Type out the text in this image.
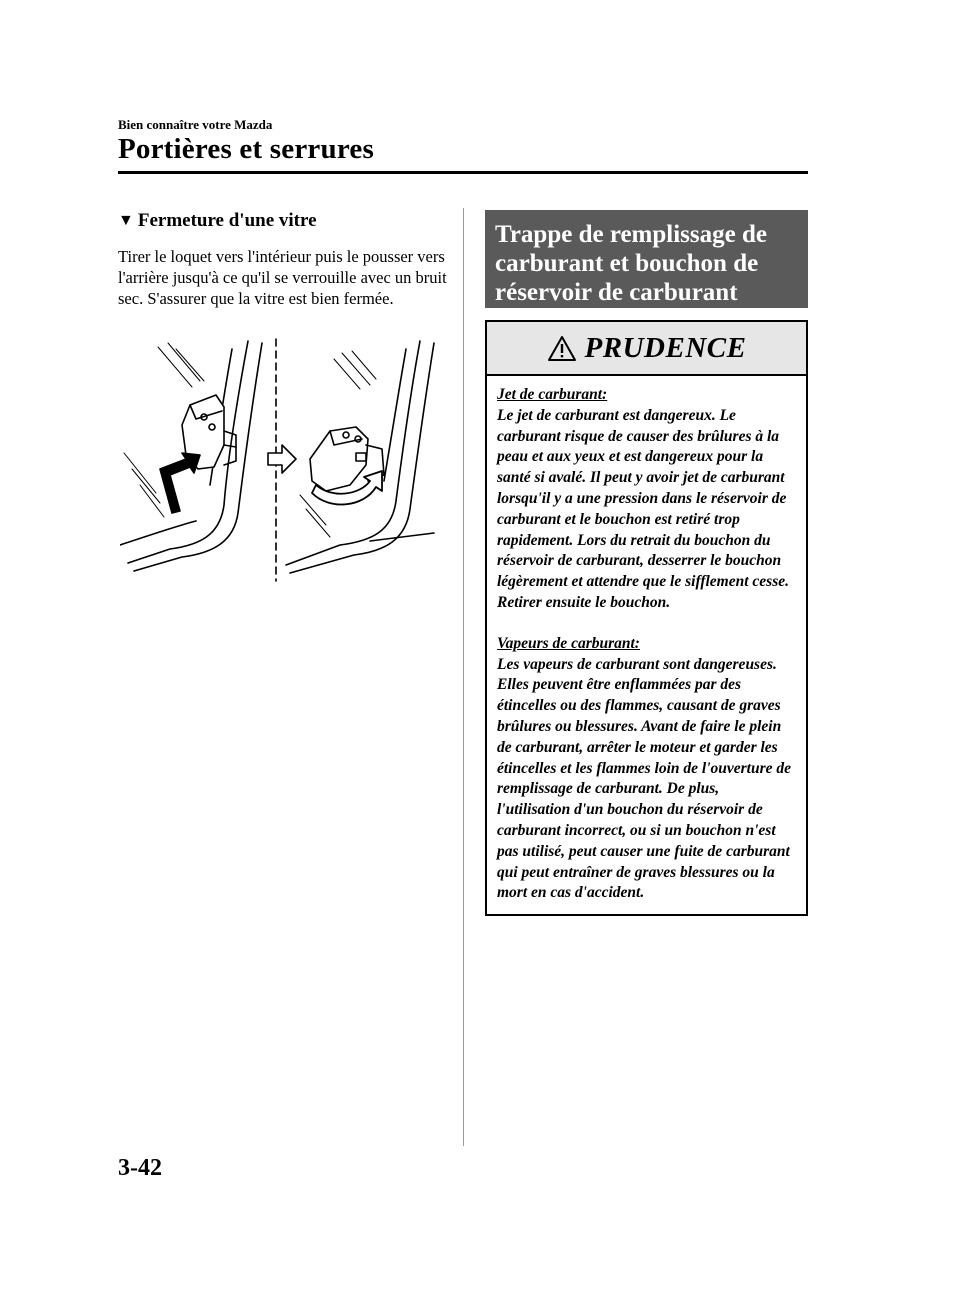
Bien connaître votre Mazda
Portières et serrures
▼ Fermeture d'une vitre
Tirer le loquet vers l'intérieur puis le pousser vers l'arrière jusqu'à ce qu'il se verrouille avec un bruit sec. S'assurer que la vitre est bien fermée.
Trappe de remplissage de carburant et bouchon de réservoir de carburant
PRUDENCE
Jet de carburant:
Le jet de carburant est dangereux. Le carburant risque de causer des brûlures à la peau et aux yeux et est dangereux pour la santé si avalé. Il peut y avoir jet de carburant lorsqu'il y a une pression dans le réservoir de carburant et le bouchon est retiré trop rapidement. Lors du retrait du bouchon du réservoir de carburant, desserrer le bouchon légèrement et attendre que le sifflement cesse. Retirer ensuite le bouchon.
Vapeurs de carburant:
Les vapeurs de carburant sont dangereuses. Elles peuvent être enflammées par des étincelles ou des flammes, causant de graves brûlures ou blessures. Avant de faire le plein de carburant, arrêter le moteur et garder les étincelles et les flammes loin de l'ouverture de remplissage de carburant. De plus, l'utilisation d'un bouchon du réservoir de carburant incorrect, ou si un bouchon n'est pas utilisé, peut causer une fuite de carburant qui peut entraîner de graves blessures ou la mort en cas d'accident.
3-42
